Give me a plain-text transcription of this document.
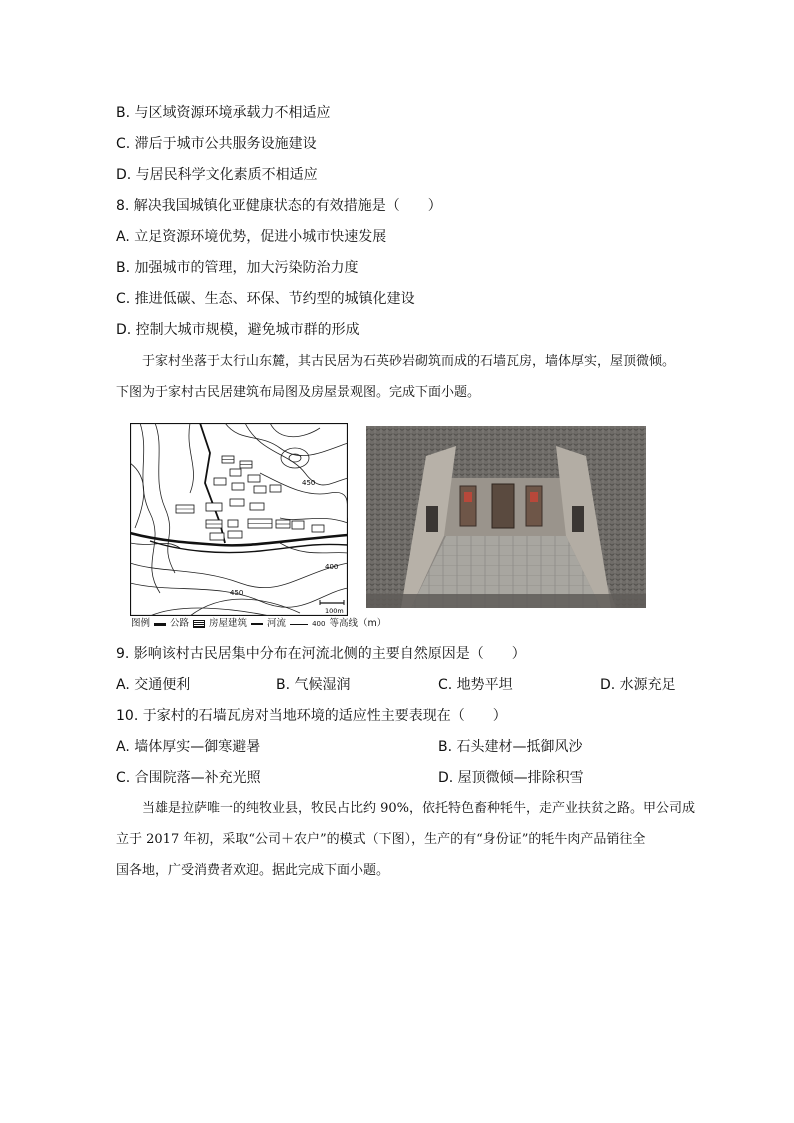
B. 与区域资源环境承载力不相适应
C. 滞后于城市公共服务设施建设
D. 与居民科学文化素质不相适应
8. 解决我国城镇化亚健康状态的有效措施是（　　）
A. 立足资源环境优势，促进小城市快速发展
B. 加强城市的管理，加大污染防治力度
C. 推进低碳、生态、环保、节约型的城镇化建设
D. 控制大城市规模，避免城市群的形成
于家村坐落于太行山东麓，其古民居为石英砂岩砌筑而成的石墙瓦房，墙体厚实，屋顶微倾。
下图为于家村古民居建筑布局图及房屋景观图。完成下面小题。
450
400
450
100m
图例 公路 房屋建筑 河流	400 等高线（m）
9. 影响该村古民居集中分布在河流北侧的主要自然原因是（　　）
A. 交通便利	B. 气候湿润	C. 地势平坦	D. 水源充足
10. 于家村的石墙瓦房对当地环境的适应性主要表现在（　　）
A. 墙体厚实—御寒避暑	B. 石头建材—抵御风沙
C. 合围院落—补充光照	D. 屋顶微倾—排除积雪
当雄是拉萨唯一的纯牧业县，牧民占比约 90%，依托特色畜种牦牛，走产业扶贫之路。甲公司成
立于 2017 年初，采取“公司＋农户”的模式（下图），生产的有“身份证”的牦牛肉产品销往全
国各地，广受消费者欢迎。据此完成下面小题。
